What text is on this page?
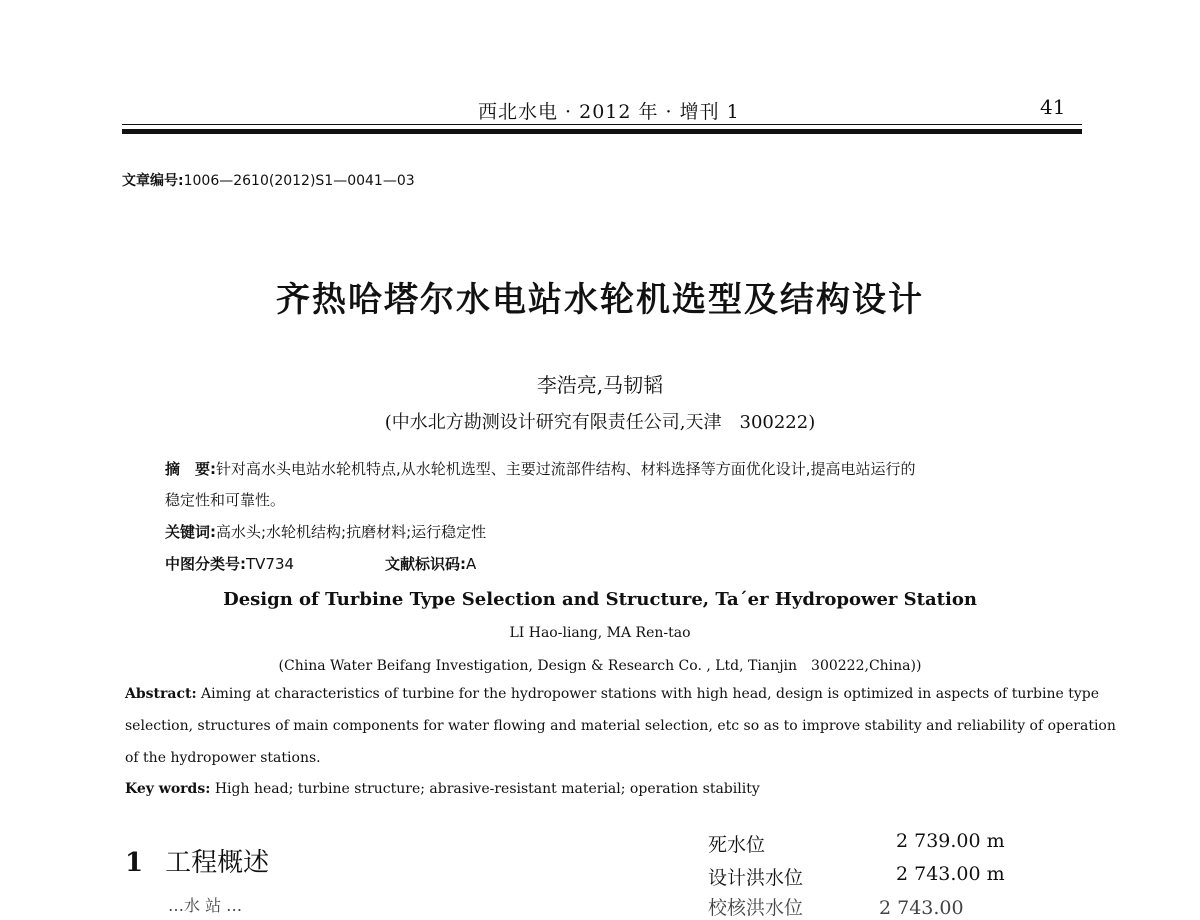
西北水电 · 2012 年 · 增刊 1	41
文章编号:1006—2610(2012)S1—0041—03
齐热哈塔尔水电站水轮机选型及结构设计
李浩亮,马韧韬
(中水北方勘测设计研究有限责任公司,天津　300222)
摘　要:针对高水头电站水轮机特点,从水轮机选型、主要过流部件结构、材料选择等方面优化设计,提高电站运行的
稳定性和可靠性。
关键词:高水头;水轮机结构;抗磨材料;运行稳定性
中图分类号:TV734	文献标识码:A
Design of Turbine Type Selection and Structure, Ta´er Hydropower Station
LI Hao-liang, MA Ren-tao
(China Water Beifang Investigation, Design & Research Co. , Ltd, Tianjin　300222,China))
Abstract: Aiming at characteristics of turbine for the hydropower stations with high head, design is optimized in aspects of turbine type
selection, structures of main components for water flowing and material selection, etc so as to improve stability and reliability of operation
of the hydropower stations.
Key words: High head; turbine structure; abrasive-resistant material; operation stability
1 工程概述
…水 站 …
死水位	2 739.00 m
设计洪水位	2 743.00 m
校核洪水位　　　　2 743.00
